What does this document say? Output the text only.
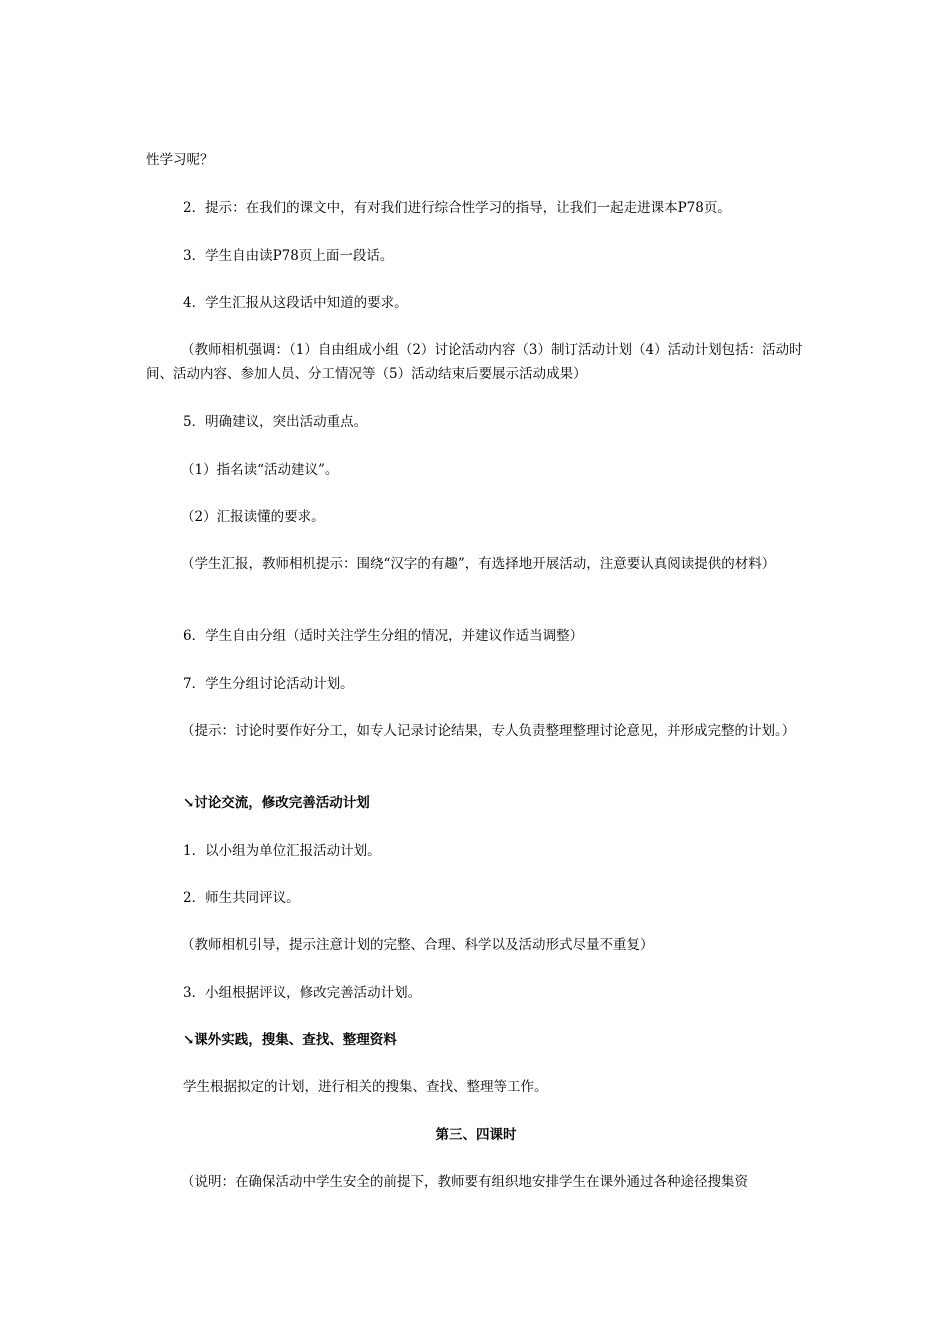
性学习呢？
2．提示：在我们的课文中，有对我们进行综合性学习的指导，让我们一起走进课本P78页。
3．学生自由读P78页上面一段话。
4．学生汇报从这段话中知道的要求。
（教师相机强调：（1）自由组成小组（2）讨论活动内容（3）制订活动计划（4）活动计划包括：活动时间、活动内容、参加人员、分工情况等（5）活动结束后要展示活动成果）
5．明确建议，突出活动重点。
（1）指名读“活动建议”。
（2）汇报读懂的要求。
（学生汇报，教师相机提示：围绕“汉字的有趣”，有选择地开展活动，注意要认真阅读提供的材料）
6．学生自由分组（适时关注学生分组的情况，并建议作适当调整）
7．学生分组讨论活动计划。
（提示：讨论时要作好分工，如专人记录讨论结果，专人负责整理整理讨论意见，并形成完整的计划。）
↘讨论交流，修改完善活动计划
1．以小组为单位汇报活动计划。
2．师生共同评议。
（教师相机引导，提示注意计划的完整、合理、科学以及活动形式尽量不重复）
3．小组根据评议，修改完善活动计划。
↘课外实践，搜集、查找、整理资料
学生根据拟定的计划，进行相关的搜集、查找、整理等工作。
第三、四课时
（说明：在确保活动中学生安全的前提下，教师要有组织地安排学生在课外通过各种途径搜集资
